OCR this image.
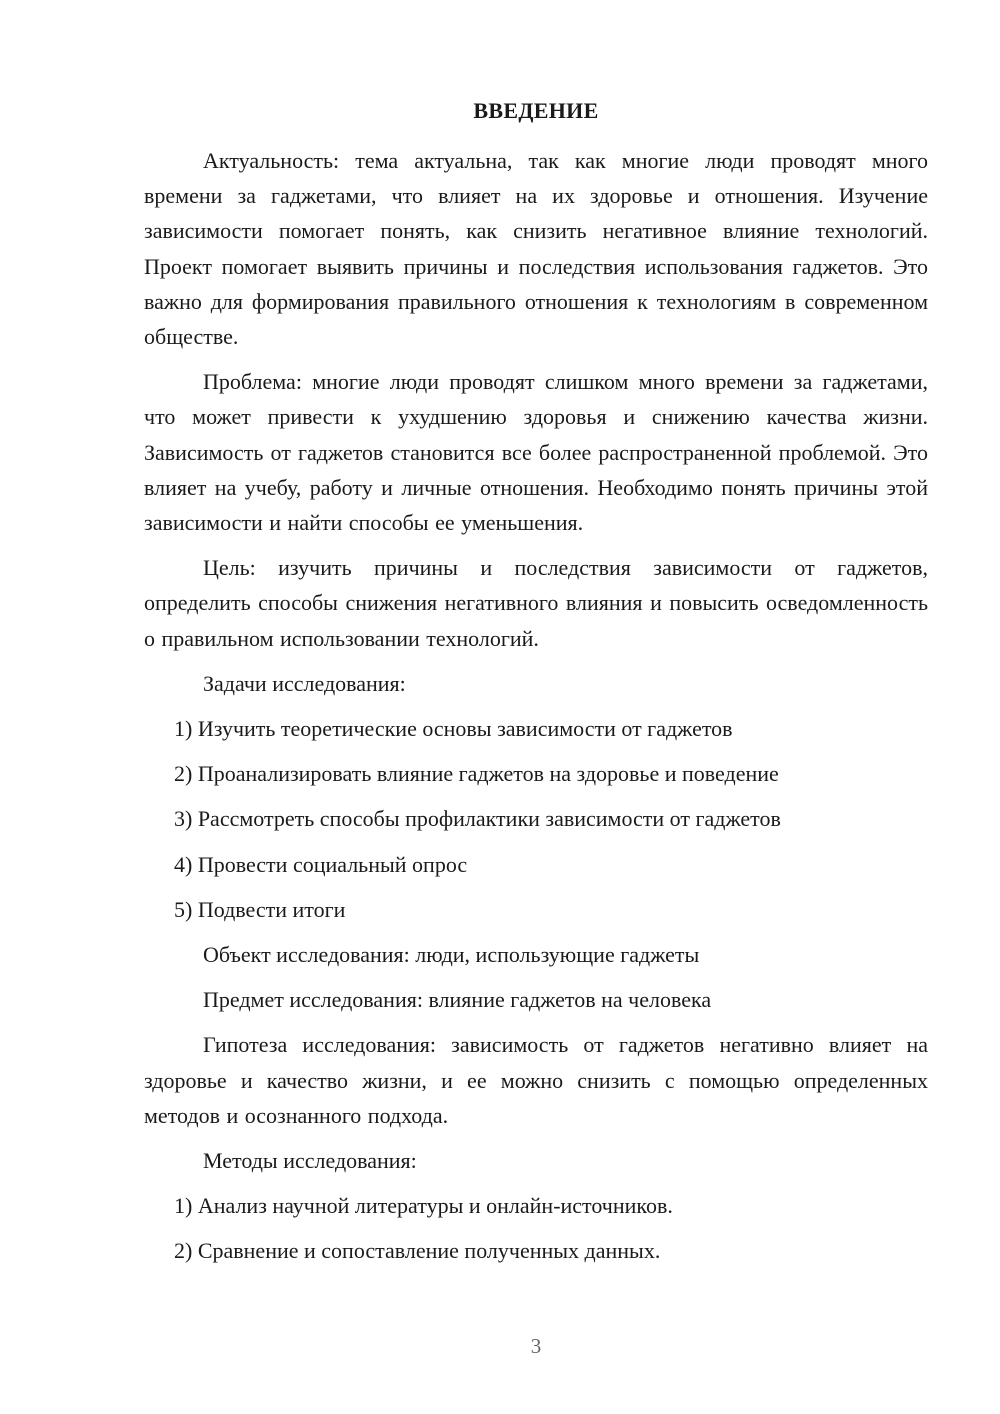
ВВЕДЕНИЕ

Актуальность: тема актуальна, так как многие люди проводят много времени за гаджетами, что влияет на их здоровье и отношения. Изучение зависимости помогает понять, как снизить негативное влияние технологий. Проект помогает выявить причины и последствия использования гаджетов. Это важно для формирования правильного отношения к технологиям в современном обществе.

Проблема: многие люди проводят слишком много времени за гаджетами, что может привести к ухудшению здоровья и снижению качества жизни. Зависимость от гаджетов становится все более распространенной проблемой. Это влияет на учебу, работу и личные отношения. Необходимо понять причины этой зависимости и найти способы ее уменьшения.

Цель: изучить причины и последствия зависимости от гаджетов, определить способы снижения негативного влияния и повысить осведомленность о правильном использовании технологий.

Задачи исследования:
1) Изучить теоретические основы зависимости от гаджетов
2) Проанализировать влияние гаджетов на здоровье и поведение
3) Рассмотреть способы профилактики зависимости от гаджетов
4) Провести социальный опрос
5) Подвести итоги
Объект исследования: люди, использующие гаджеты
Предмет исследования: влияние гаджетов на человека

Гипотеза исследования: зависимость от гаджетов негативно влияет на здоровье и качество жизни, и ее можно снизить с помощью определенных методов и осознанного подхода.

Методы исследования:
1) Анализ научной литературы и онлайн-источников.
2) Сравнение и сопоставление полученных данных.
3
